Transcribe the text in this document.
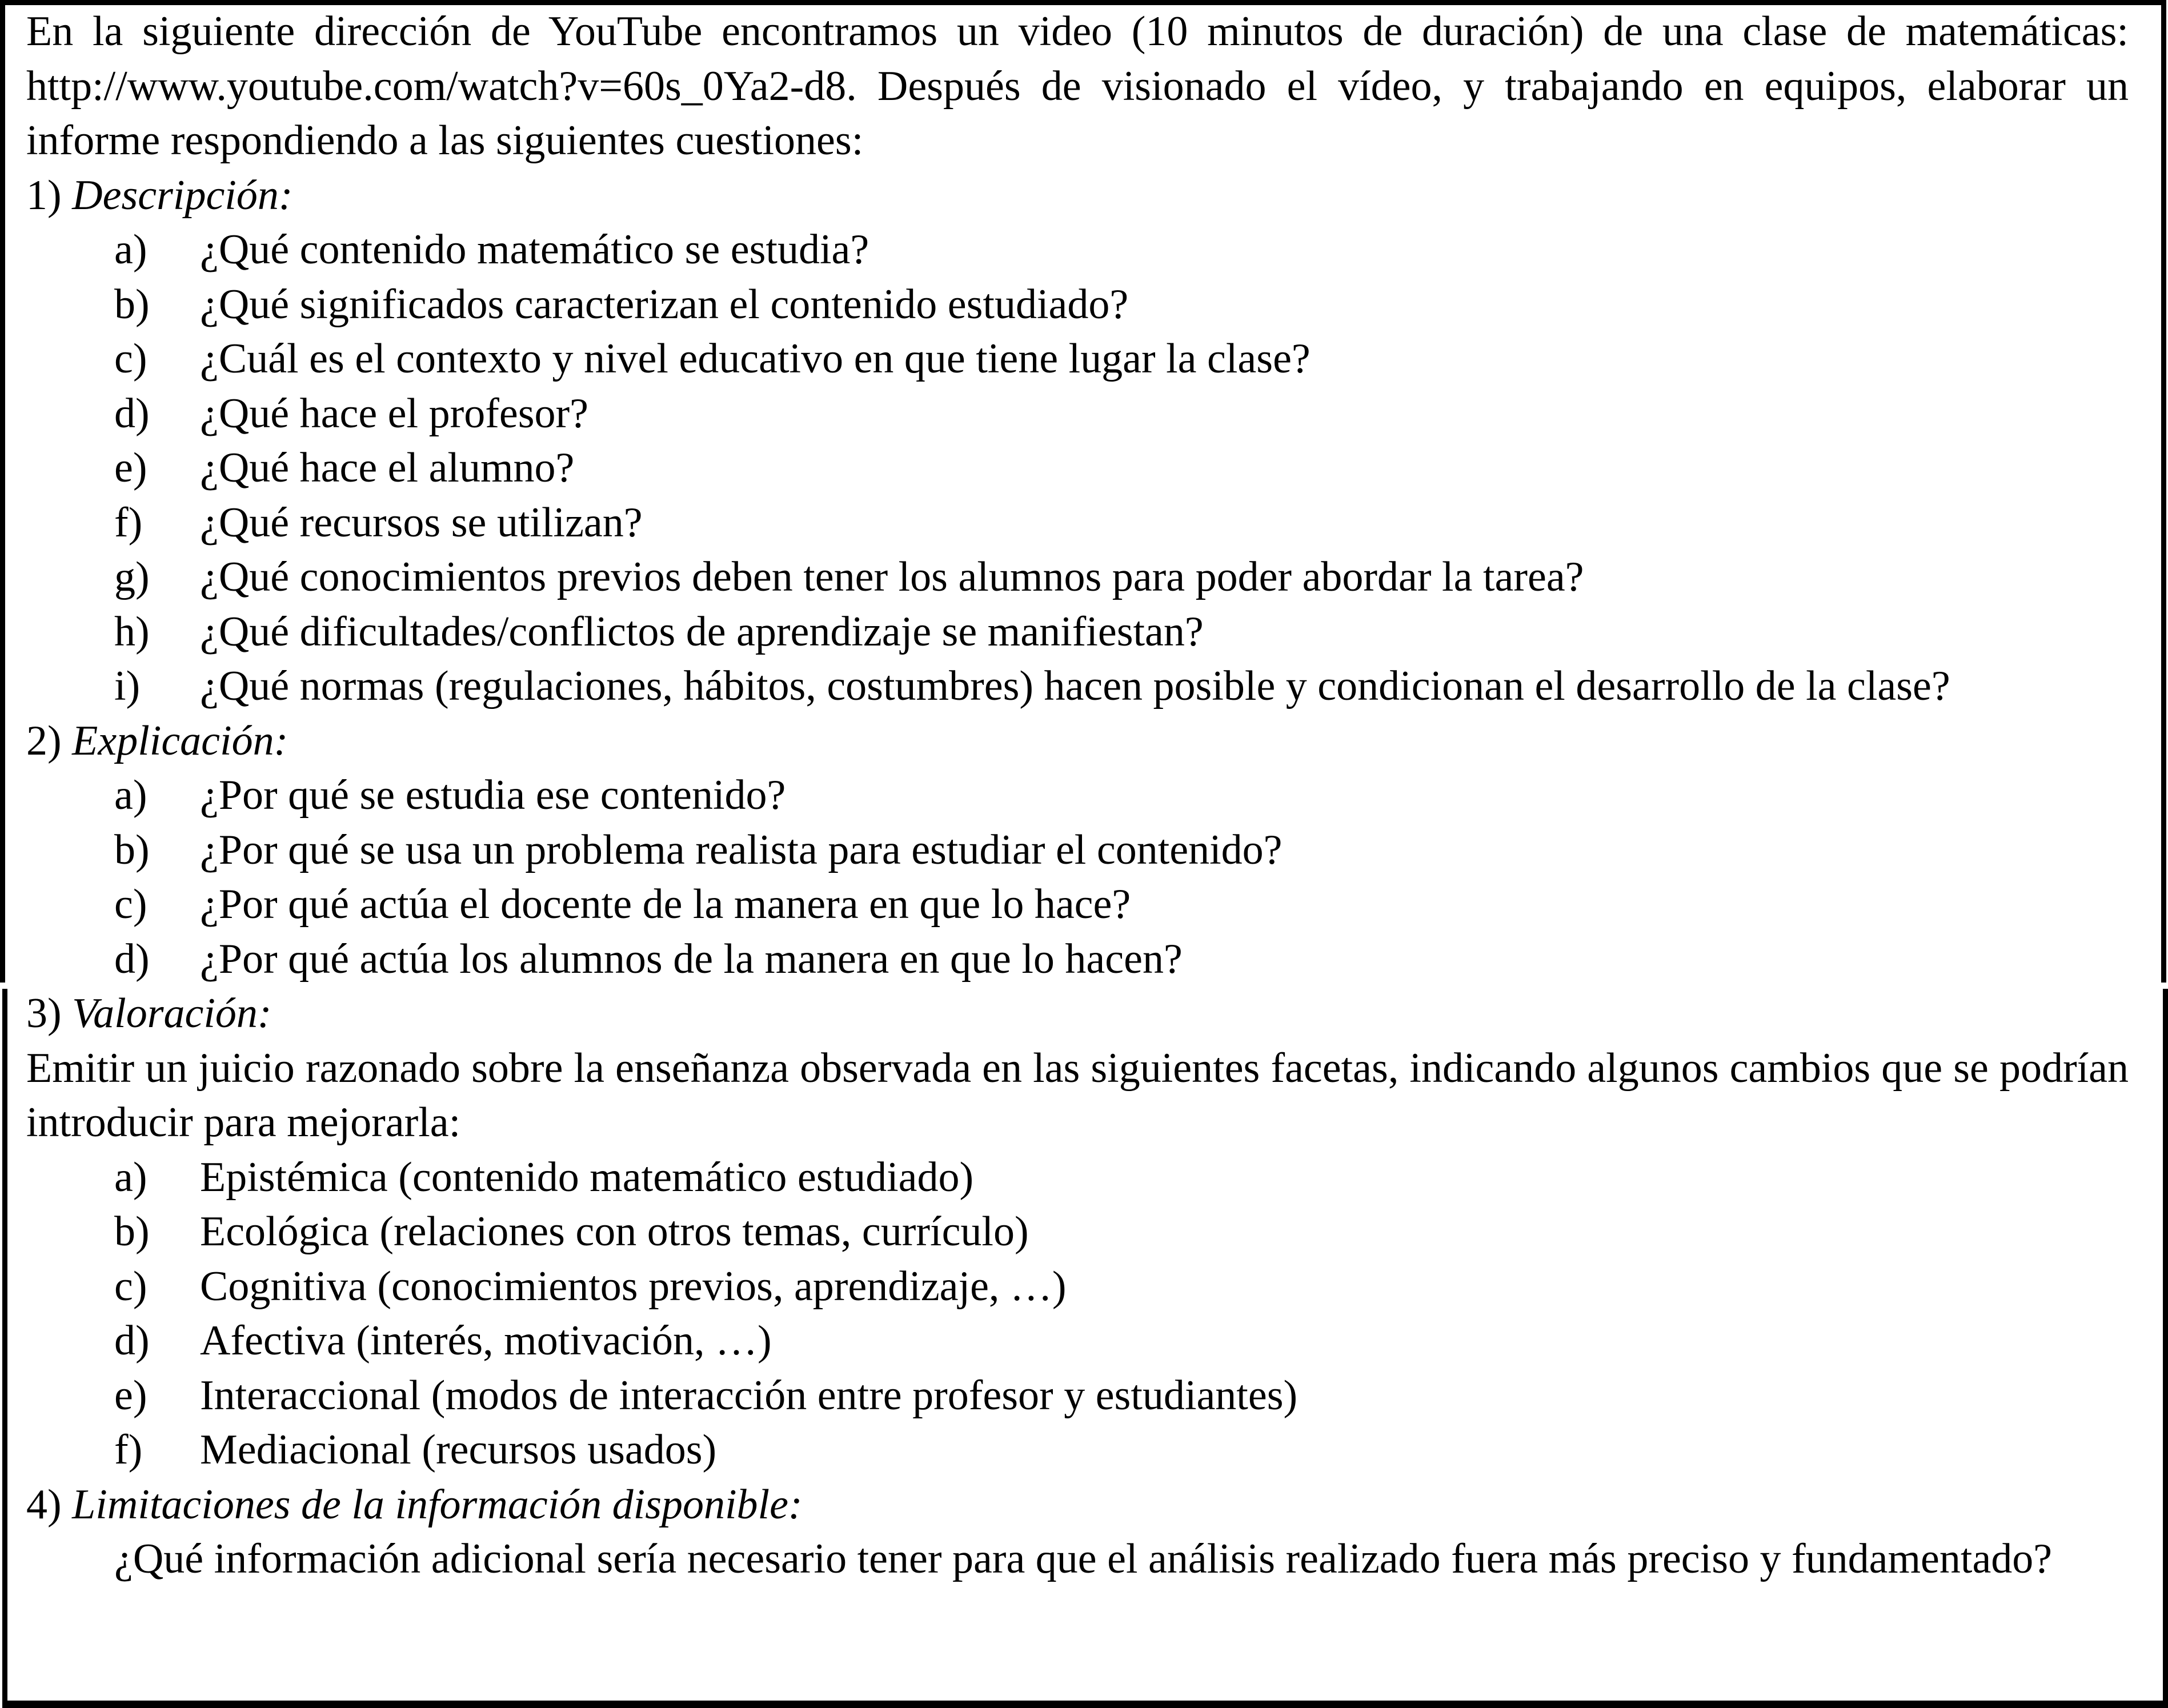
En la siguiente dirección de YouTube encontramos un video (10 minutos de duración) de una clase de matemáticas: http://www.youtube.com/watch?v=60s_0Ya2-d8. Después de visionado el vídeo, y trabajando en equipos, elaborar un informe respondiendo a las siguientes cuestiones:

1) Descripción:
a) ¿Qué contenido matemático se estudia?
b) ¿Qué significados caracterizan el contenido estudiado?
c) ¿Cuál es el contexto y nivel educativo en que tiene lugar la clase?
d) ¿Qué hace el profesor?
e) ¿Qué hace el alumno?
f) ¿Qué recursos se utilizan?
g) ¿Qué conocimientos previos deben tener los alumnos para poder abordar la tarea?
h) ¿Qué dificultades/conflictos de aprendizaje se manifiestan?
i) ¿Qué normas (regulaciones, hábitos, costumbres) hacen posible y condicionan el desarrollo de la clase?
2) Explicación:
a) ¿Por qué se estudia ese contenido?
b) ¿Por qué se usa un problema realista para estudiar el contenido?
c) ¿Por qué actúa el docente de la manera en que lo hace?
d) ¿Por qué actúa los alumnos de la manera en que lo hacen?
3) Valoración:

Emitir un juicio razonado sobre la enseñanza observada en las siguientes facetas, indicando algunos cambios que se podrían introducir para mejorarla:

a) Epistémica (contenido matemático estudiado)
b) Ecológica (relaciones con otros temas, currículo)
c) Cognitiva (conocimientos previos, aprendizaje, …)
d) Afectiva (interés, motivación, …)
e) Interaccional (modos de interacción entre profesor y estudiantes)
f) Mediacional (recursos usados)
4) Limitaciones de la información disponible:

¿Qué información adicional sería necesario tener para que el análisis realizado fuera más preciso y fundamentado?
